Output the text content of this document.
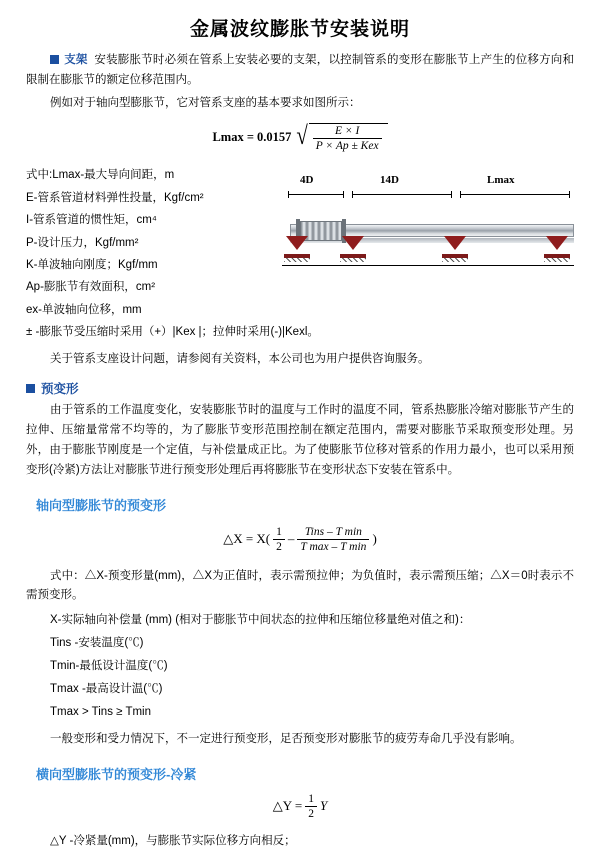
金属波纹膨胀节安装说明

支架 安装膨胀节时必须在管系上安装必要的支架，以控制管系的变形在膨胀节上产生的位移方向和限制在膨胀节的额定位移范围内。

例如对于轴向型膨胀节，它对管系支座的基本要求如图所示：

Lmax = 0.0157 √ $\frac{E \times I}{\text{P × Ap ± Kex}}$
式中:Lmax-最大导向间距，m
E-管系管道材料弹性投量，Kgf/cm²
I-管系管道的惯性矩，cm⁴
P-设计压力，Kgf/mm²
K-单波轴向刚度；Kgf/mm
Ap-膨胀节有效面积，cm²
ex-单波轴向位移，mm
± -膨胀节受压缩时采用（+）|Kex |；拉伸时采用(-)|Kexl。
4D	14D	Lmax

关于管系支座设计问题，请参阅有关资料，本公司也为用户提供咨询服务。

预变形

由于管系的工作温度变化，安装膨胀节时的温度与工作时的温度不同，管系热膨胀冷缩对膨胀节产生的拉伸、压缩量常常不均等的，为了膨胀节变形范围控制在额定范围内，需要对膨胀节采取预变形处理。另外，由于膨胀节刚度是一个定值，与补偿量成正比。为了使膨胀节位移对管系的作用力最小，也可以采用预变形(冷紧)方法让对膨胀节进行预变形处理后再将膨胀节在变形状态下安装在管系中。

轴向型膨胀节的预变形
△X = $X( \frac{1}{2} - \frac{\text{Tins – T min}}{\text{T max – T min}}$ )

式中：△X-预变形量(mm)，△X为正值时，表示需预拉伸；为负值时，表示需预压缩；△X＝0时表示不需预变形。

X-实际轴向补偿量 (mm) (相对于膨胀节中间状态的拉伸和压缩位移量绝对值之和)：
Tins -安装温度(℃)
Tmin-最低设计温度(℃)
Tmax -最高设计温(℃)
Tmax > Tins ≥ Tmin

一般变形和受力情况下，不一定进行预变形，足否预变形对膨胀节的疲劳寿命几乎没有影响。

横向型膨胀节的预变形-冷紧
△Y = $\frac{1}{2}$ Y

△Y -冷紧量(mm)，与膨胀节实际位移方向相反；
